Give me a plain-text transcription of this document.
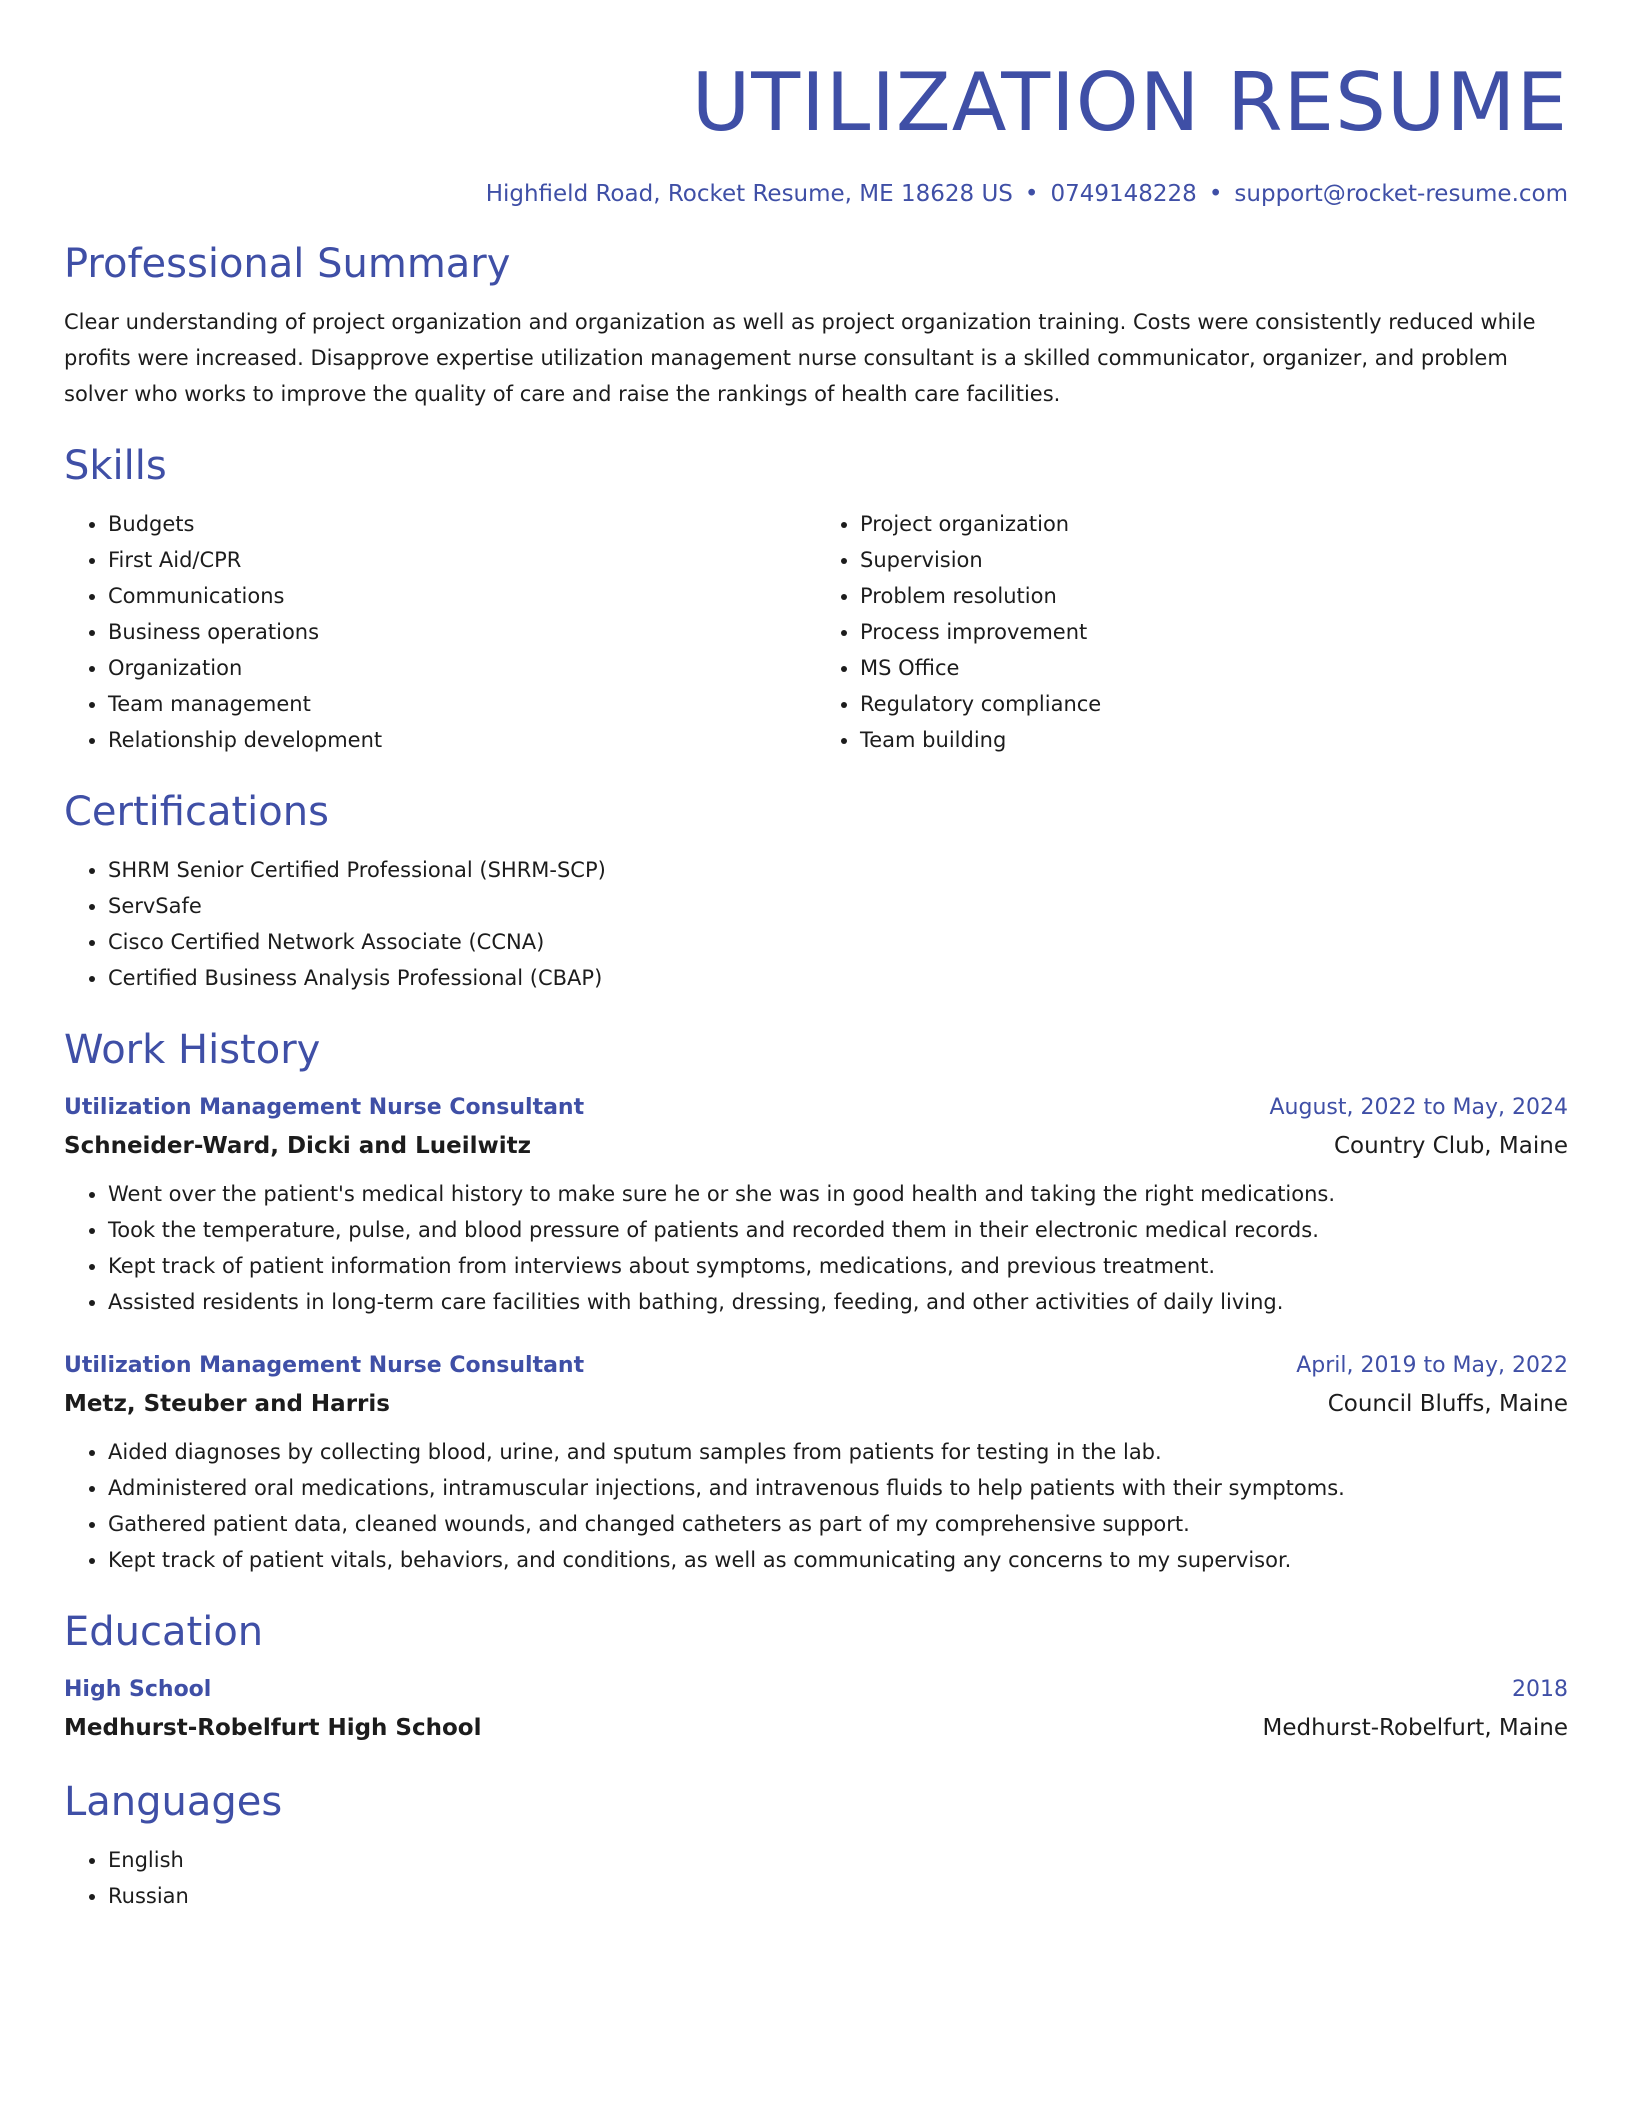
UTILIZATION RESUME
Highfield Road, Rocket Resume, ME 18628 US • 0749148228 • support@rocket-resume.com
Professional Summary

Clear understanding of project organization and organization as well as project organization training. Costs were consistently reduced while profits were increased. Disapprove expertise utilization management nurse consultant is a skilled communicator, organizer, and problem solver who works to improve the quality of care and raise the rankings of health care facilities.

Skills
• Budgets
• First Aid/CPR
• Communications
• Business operations
• Organization
• Team management
• Relationship development
• Project organization
• Supervision
• Problem resolution
• Process improvement
• MS Office
• Regulatory compliance
• Team building
Certifications
• SHRM Senior Certified Professional (SHRM-SCP)
• ServSafe
• Cisco Certified Network Associate (CCNA)
• Certified Business Analysis Professional (CBAP)
Work History
Utilization Management Nurse Consultant	August, 2022 to May, 2024
Schneider-Ward, Dicki and Lueilwitz	Country Club, Maine
• Went over the patient's medical history to make sure he or she was in good health and taking the right medications.
• Took the temperature, pulse, and blood pressure of patients and recorded them in their electronic medical records.
• Kept track of patient information from interviews about symptoms, medications, and previous treatment.
• Assisted residents in long-term care facilities with bathing, dressing, feeding, and other activities of daily living.
Utilization Management Nurse Consultant	April, 2019 to May, 2022
Metz, Steuber and Harris	Council Bluffs, Maine
• Aided diagnoses by collecting blood, urine, and sputum samples from patients for testing in the lab.
• Administered oral medications, intramuscular injections, and intravenous fluids to help patients with their symptoms.
• Gathered patient data, cleaned wounds, and changed catheters as part of my comprehensive support.
• Kept track of patient vitals, behaviors, and conditions, as well as communicating any concerns to my supervisor.
Education
High School	2018
Medhurst-Robelfurt High School	Medhurst-Robelfurt, Maine
Languages
• English
• Russian
